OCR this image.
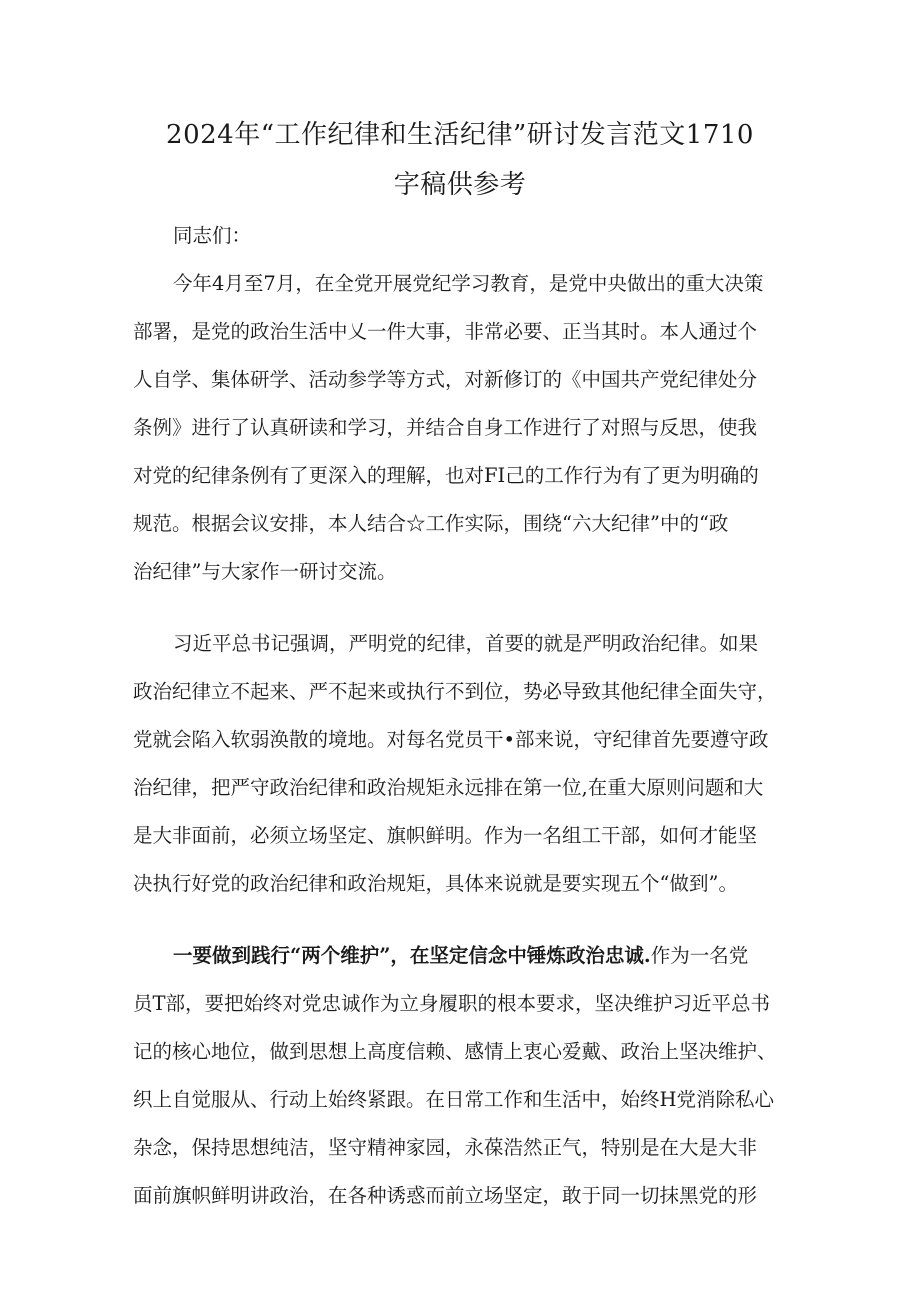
2024年“工作纪律和生活纪律”研讨发言范文1710
字稿供参考
同志们：
今年4月至7月，在全党开展党纪学习教育，是党中央做出的重大决策
部署，是党的政治生活中乂一件大事，非常必要、正当其时。本人通过个
人自学、集体研学、活动参学等方式，对新修订的《中国共产党纪律处分
条例》进行了认真研读和学习，并结合自身工作进行了对照与反思，使我
对党的纪律条例有了更深入的理解，也对FI己的工作行为有了更为明确的
规范。根据会议安排，本人结合☆工作实际，围绕“六大纪律”中的“政
治纪律”与大家作一研讨交流。
习近平总书记强调，严明党的纪律，首要的就是严明政治纪律。如果
政治纪律立不起来、严不起来或执行不到位，势必导致其他纪律全面失守，
党就会陷入软弱涣散的境地。对每名党员干•部来说，守纪律首先要遵守政
治纪律，把严守政治纪律和政治规矩永远排在第一位,在重大原则问题和大
是大非面前，必须立场坚定、旗帜鲜明。作为一名组工干部，如何才能坚
决执行好党的政治纪律和政治规矩，具体来说就是要实现五个“做到”。
一要做到践行“两个维护”，在坚定信念中锤炼政治忠诚.作为一名党
员T部，要把始终对党忠诚作为立身履职的根本要求，坚决维护习近平总书
记的核心地位，做到思想上高度信赖、感情上衷心爱戴、政治上坚决维护、
织上自觉服从、行动上始终紧跟。在日常工作和生活中，始终H党消除私心
杂念，保持思想纯洁，坚守精神家园，永葆浩然正气，特别是在大是大非
面前旗帜鲜明讲政治，在各种诱惑而前立场坚定，敢于同一切抹黑党的形
